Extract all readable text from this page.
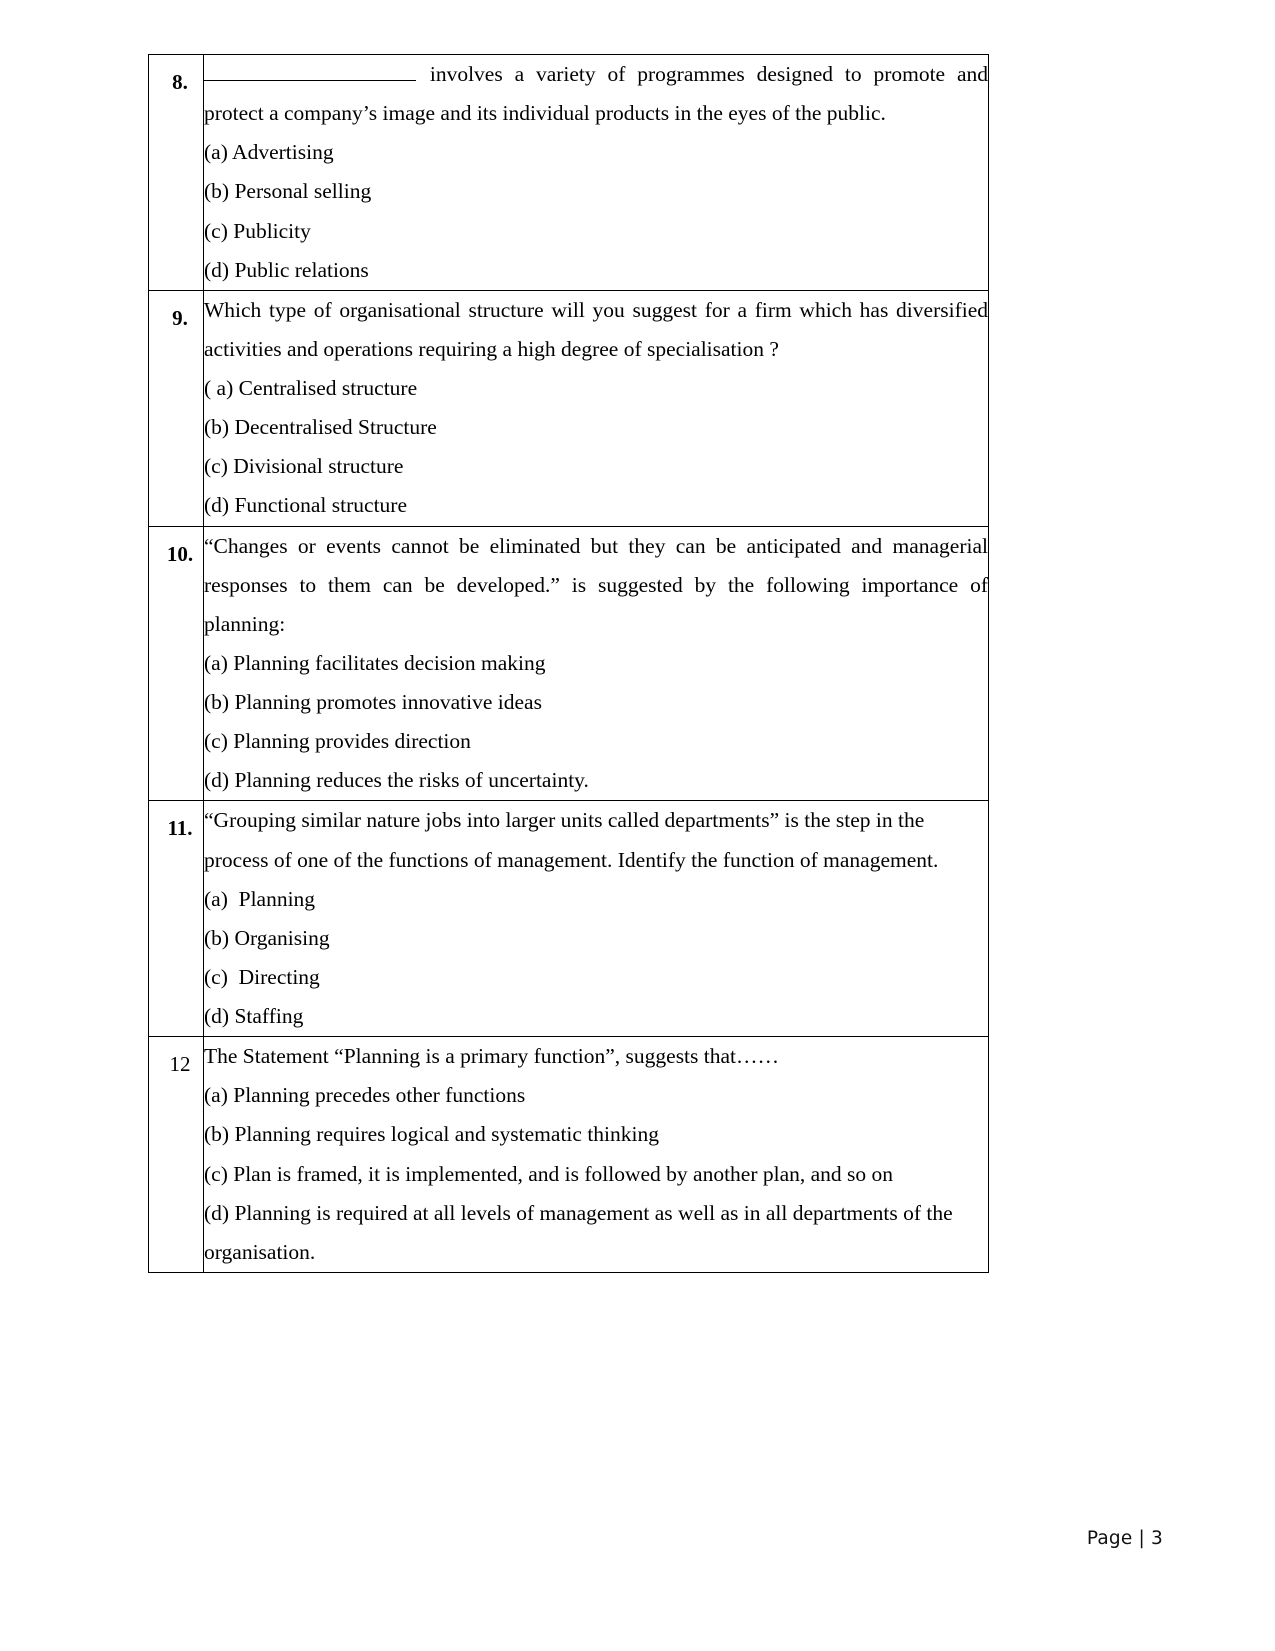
8.	involves a variety of programmes designed to promote and protect a company’s image and its individual products in the eyes of the public.

(a) Advertising
(b) Personal selling
(c) Publicity
(d) Public relations

9.	Which type of organisational structure will you suggest for a firm which has diversified activities and operations requiring a high degree of specialisation ?

( a) Centralised structure
(b) Decentralised Structure
(c) Divisional structure
(d) Functional structure

10.	“Changes or events cannot be eliminated but they can be anticipated and managerial responses to them can be developed.” is suggested by the following importance of planning:

(a) Planning facilitates decision making
(b) Planning promotes innovative ideas
(c) Planning provides direction
(d) Planning reduces the risks of uncertainty.

11.	“Grouping similar nature jobs into larger units called departments” is the step in the process of one of the functions of management. Identify the function of management.

(a)  Planning
(b) Organising
(c)  Directing
(d) Staffing

12	The Statement “Planning is a primary function”, suggests that……

(a) Planning precedes other functions
(b) Planning requires logical and systematic thinking
(c) Plan is framed, it is implemented, and is followed by another plan, and so on
(d) Planning is required at all levels of management as well as in all departments of the organisation.
Page | 3
